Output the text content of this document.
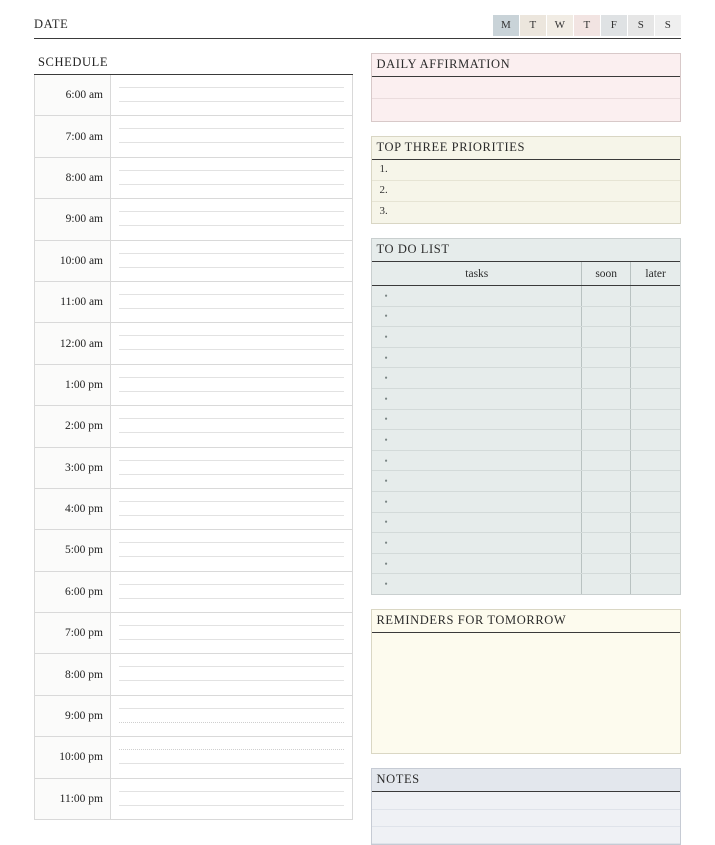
DATE	M	T	W	T	F	S	S
SCHEDULE
6:00 am
7:00 am
8:00 am
9:00 am
10:00 am
11:00 am
12:00 am
1:00 pm
2:00 pm
3:00 pm
4:00 pm
5:00 pm
6:00 pm
7:00 pm
8:00 pm
9:00 pm
10:00 pm
11:00 pm
DAILY AFFIRMATION
TOP THREE PRIORITIES
1.
2.
3.
TO DO LIST
tasks	soon	later
•		
•		
•		
•		
•		
•		
•		
•		
•		
•		
•		
•		
•		
•		
•		
REMINDERS FOR TOMORROW
NOTES
